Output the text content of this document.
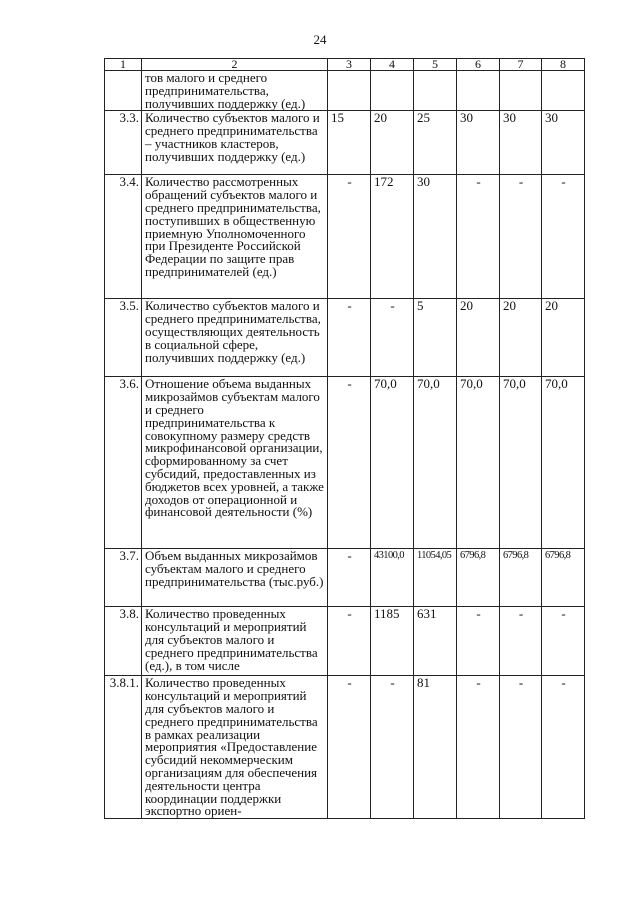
24
1	2	3	4	5	6	7	8
	тов малого и среднего предпринимательства, получивших поддержку (ед.)						
3.3.	Количество субъектов малого и среднего предпринимательства – участников кластеров, получивших поддержку (ед.)	15	20	25	30	30	30
3.4.	Количество рассмотренных обращений субъектов малого и среднего предпринимательства, поступивших в общественную приемную Уполномоченного при Президенте Российской Федерации по защите прав предпринимателей (ед.)	-	172	30	-	-	-
3.5.	Количество субъектов малого и среднего предпринимательства, осуществляющих деятельность в социальной сфере, получивших поддержку (ед.)	-	-	5	20	20	20
3.6.	Отношение объема выданных микрозаймов субъектам малого и среднего предпринимательства к совокупному размеру средств микрофинансовой организации, сформированному за счет субсидий, предоставленных из бюджетов всех уровней, а также доходов от операционной и финансовой деятельности (%)	-	70,0	70,0	70,0	70,0	70,0
3.7.	Объем выданных микрозаймов субъектам малого и среднего предпринимательства (тыс.руб.)	-	43100,0	11054,05	6796,8	6796,8	6796,8
3.8.	Количество проведенных консультаций и мероприятий для субъектов малого и среднего предпринимательства (ед.), в том числе	-	1185	631	-	-	-
3.8.1.	Количество проведенных консультаций и мероприятий для субъектов малого и среднего предпринимательства в рамках реализации мероприятия «Предоставление субсидий некоммерческим организациям для обеспечения деятельности центра координации поддержки экспортно ориен-	-	-	81	-	-	-
